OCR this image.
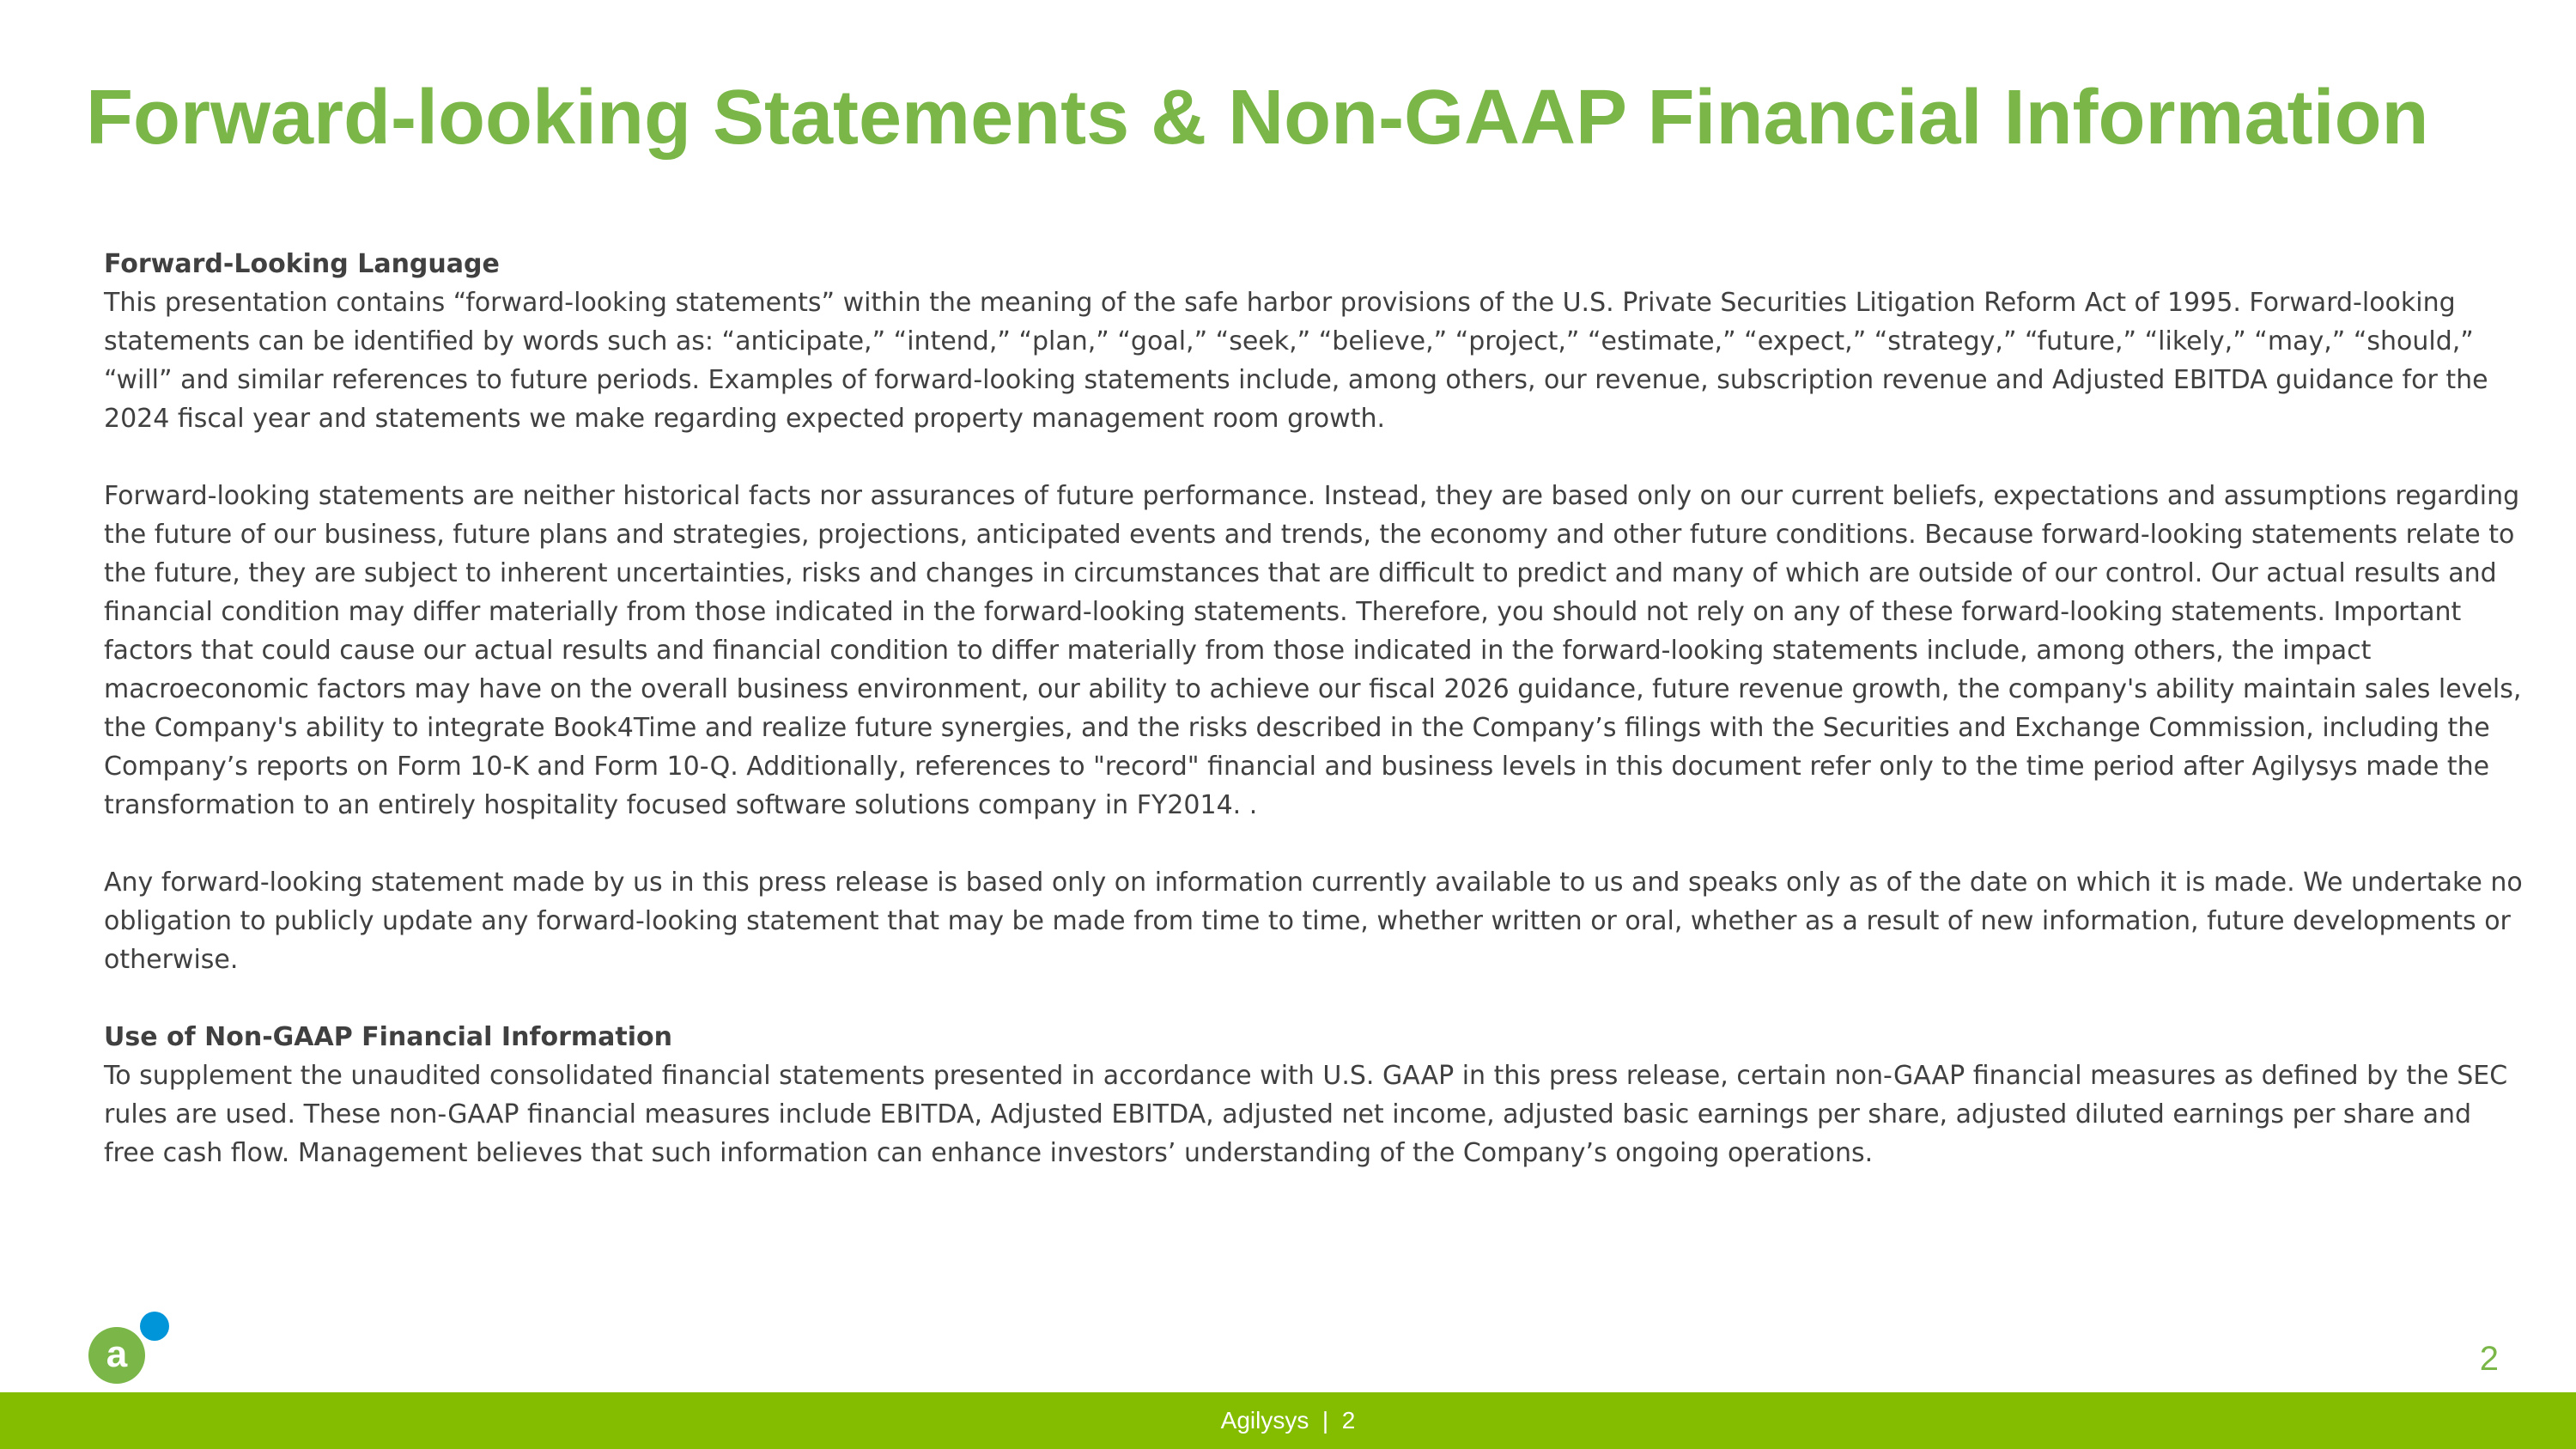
Forward-looking Statements & Non-GAAP Financial Information

Forward-Looking Language

This presentation contains “forward-looking statements” within the meaning of the safe harbor provisions of the U.S. Private Securities Litigation Reform Act of 1995. Forward-looking statements can be identified by words such as: “anticipate,” “intend,” “plan,” “goal,” “seek,” “believe,” “project,” “estimate,” “expect,” “strategy,” “future,” “likely,” “may,” “should,” “will” and similar references to future periods. Examples of forward-looking statements include, among others, our revenue, subscription revenue and Adjusted EBITDA guidance for the 2024 fiscal year and statements we make regarding expected property management room growth.

Forward-looking statements are neither historical facts nor assurances of future performance. Instead, they are based only on our current beliefs, expectations and assumptions regarding the future of our business, future plans and strategies, projections, anticipated events and trends, the economy and other future conditions. Because forward-looking statements relate to the future, they are subject to inherent uncertainties, risks and changes in circumstances that are difficult to predict and many of which are outside of our control. Our actual results and financial condition may differ materially from those indicated in the forward-looking statements. Therefore, you should not rely on any of these forward-looking statements. Important factors that could cause our actual results and financial condition to differ materially from those indicated in the forward-looking statements include, among others, the impact macroeconomic factors may have on the overall business environment, our ability to achieve our fiscal 2026 guidance, future revenue growth, the company's ability maintain sales levels, the Company's ability to integrate Book4Time and realize future synergies, and the risks described in the Company’s filings with the Securities and Exchange Commission, including the Company’s reports on Form 10-K and Form 10-Q. Additionally, references to "record" financial and business levels in this document refer only to the time period after Agilysys made the transformation to an entirely hospitality focused software solutions company in FY2014. .

Any forward-looking statement made by us in this press release is based only on information currently available to us and speaks only as of the date on which it is made. We undertake no obligation to publicly update any forward-looking statement that may be made from time to time, whether written or oral, whether as a result of new information, future developments or otherwise.

Use of Non-GAAP Financial Information

To supplement the unaudited consolidated financial statements presented in accordance with U.S. GAAP in this press release, certain non-GAAP financial measures as defined by the SEC rules are used. These non-GAAP financial measures include EBITDA, Adjusted EBITDA, adjusted net income, adjusted basic earnings per share, adjusted diluted earnings per share and free cash flow. Management believes that such information can enhance investors’ understanding of the Company’s ongoing operations.

a	2
Agilysys  |  2
